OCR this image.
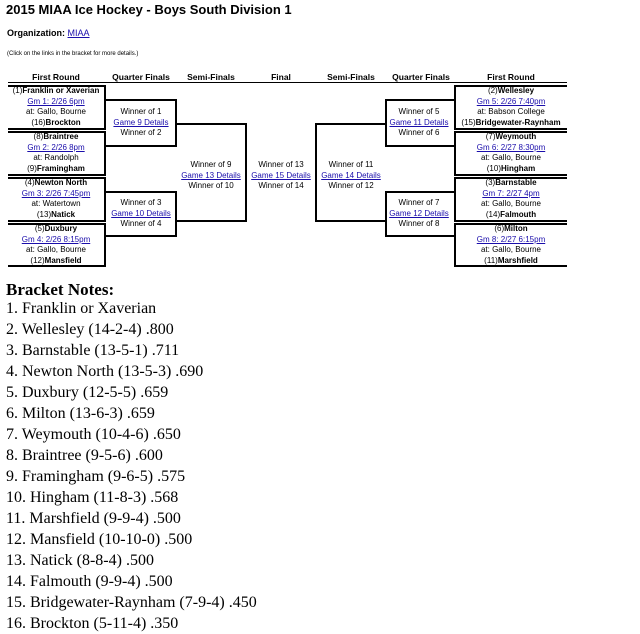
2015 MIAA Ice Hockey - Boys South Division 1
Organization: MIAA
(Click on the links in the bracket for more details.)
First Round	Quarter Finals	Semi-Finals	Final	Semi-Finals	Quarter Finals	First Round
(1)Franklin or Xaverian
Gm 1: 2/26 6pm
at: Gallo, Bourne
(16)Brockton
(8)Braintree
Gm 2: 2/26 8pm
at: Randolph
(9)Framingham
(4)Newton North
Gm 3: 2/26 7:45pm
at: Watertown
(13)Natick
(5)Duxbury
Gm 4: 2/26 8:15pm
at: Gallo, Bourne
(12)Mansfield
Winner of 1
Game 9 Details
Winner of 2
Winner of 3
Game 10 Details
Winner of 4
Winner of 9
Game 13 Details
Winner of 10
Winner of 13
Game 15 Details
Winner of 14
Winner of 11
Game 14 Details
Winner of 12
Winner of 5
Game 11 Details
Winner of 6
Winner of 7
Game 12 Details
Winner of 8
(2)Wellesley
Gm 5: 2/26 7:40pm
at: Babson College
(15)Bridgewater-Raynham
(7)Weymouth
Gm 6: 2/27 8:30pm
at: Gallo, Bourne
(10)Hingham
(3)Barnstable
Gm 7: 2/27 4pm
at: Gallo, Bourne
(14)Falmouth
(6)Milton
Gm 8: 2/27 6:15pm
at: Gallo, Bourne
(11)Marshfield
Bracket Notes:
1. Franklin or Xaverian
2. Wellesley (14-2-4) .800
3. Barnstable (13-5-1) .711
4. Newton North (13-5-3) .690
5. Duxbury (12-5-5) .659
6. Milton (13-6-3) .659
7. Weymouth (10-4-6) .650
8. Braintree (9-5-6) .600
9. Framingham (9-6-5) .575
10. Hingham (11-8-3) .568
11. Marshfield (9-9-4) .500
12. Mansfield (10-10-0) .500
13. Natick (8-8-4) .500
14. Falmouth (9-9-4) .500
15. Bridgewater-Raynham (7-9-4) .450
16. Brockton (5-11-4) .350
